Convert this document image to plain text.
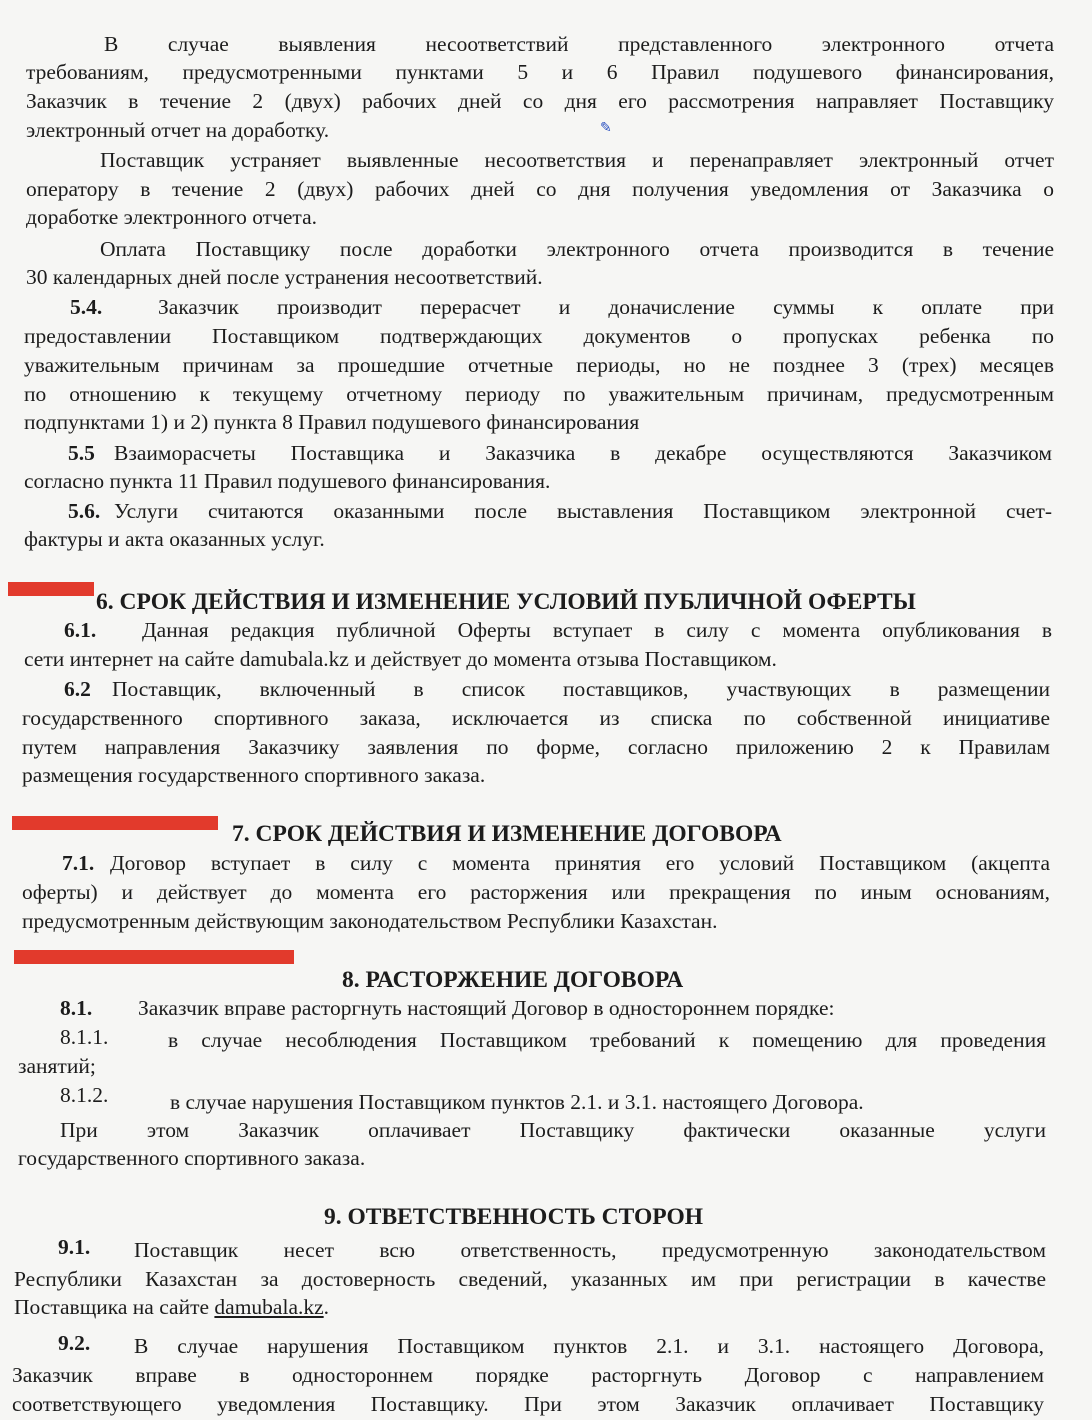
В случае выявления несоответствий представленного электронного отчета
требованиям, предусмотренными пунктами 5 и 6 Правил подушевого финансирования,
Заказчик в течение 2 (двух) рабочих дней со дня его рассмотрения направляет Поставщику
электронный отчет на доработку.	✎
Поставщик устраняет выявленные несоответствия и перенаправляет электронный отчет
оператору в течение 2 (двух) рабочих дней со дня получения уведомления от Заказчика о
доработке электронного отчета.
Оплата Поставщику после доработки электронного отчета производится в течение
30 календарных дней после устранения несоответствий.
5.4.	Заказчик производит перерасчет и доначисление суммы к оплате при
предоставлении Поставщиком подтверждающих документов о пропусках ребенка по
уважительным причинам за прошедшие отчетные периоды, но не позднее 3 (трех) месяцев
по отношению к текущему отчетному периоду по уважительным причинам, предусмотренным
подпунктами 1) и 2) пункта 8 Правил подушевого финансирования
5.5 Взаиморасчеты Поставщика и Заказчика в декабре осуществляются Заказчиком
согласно пункта 11 Правил подушевого финансирования.
5.6. Услуги считаются оказанными после выставления Поставщиком электронной счет-
фактуры и акта оказанных услуг.
6. СРОК ДЕЙСТВИЯ И ИЗМЕНЕНИЕ УСЛОВИЙ ПУБЛИЧНОЙ ОФЕРТЫ
6.1. Данная редакция публичной Оферты вступает в силу с момента опубликования в
сети интернет на сайте damubala.kz и действует до момента отзыва Поставщиком.
6.2 Поставщик, включенный в список поставщиков, участвующих в размещении
государственного спортивного заказа, исключается из списка по собственной инициативе
путем направления Заказчику заявления по форме, согласно приложению 2 к Правилам
размещения государственного спортивного заказа.
7. СРОК ДЕЙСТВИЯ И ИЗМЕНЕНИЕ ДОГОВОРА
7.1. Договор вступает в силу с момента принятия его условий Поставщиком (акцепта
оферты) и действует до момента его расторжения или прекращения по иным основаниям,
предусмотренным действующим законодательством Республики Казахстан.
8. РАСТОРЖЕНИЕ ДОГОВОРА
8.1. Заказчик вправе расторгнуть настоящий Договор в одностороннем порядке:
8.1.1.	в случае несоблюдения Поставщиком требований к помещению для проведения
занятий;
8.1.2.	в случае нарушения Поставщиком пунктов 2.1. и 3.1. настоящего Договора.
При этом Заказчик оплачивает Поставщику фактически оказанные услуги
государственного спортивного заказа.
9. ОТВЕТСТВЕННОСТЬ СТОРОН
9.1. Поставщик несет всю ответственность, предусмотренную законодательством
Республики Казахстан за достоверность сведений, указанных им при регистрации в качестве
Поставщика на сайте damubala.kz.
9.2. В случае нарушения Поставщиком пунктов 2.1. и 3.1. настоящего Договора,
Заказчик вправе в одностороннем порядке расторгнуть Договор с направлением
соответствующего уведомления Поставщику. При этом Заказчик оплачивает Поставщику
